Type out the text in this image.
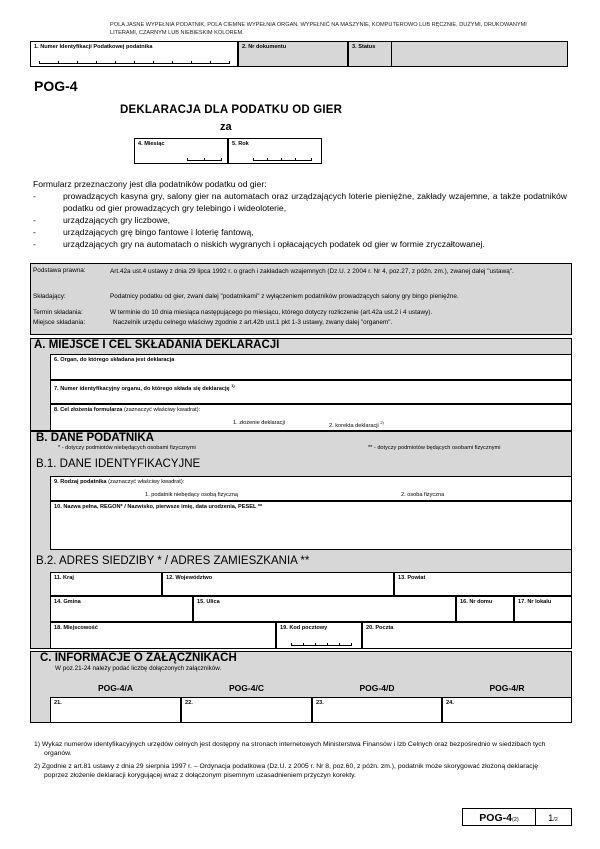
POLA JASNE WYPEŁNIA PODATNIK, POLA CIEMNE WYPEŁNIA ORGAN. WYPEŁNIĆ NA MASZYNIE, KOMPUTEROWO LUB RĘCZNIE, DUŻYMI, DRUKOWANYMI LITERAMI, CZARNYM LUB NIEBIESKIM KOLOREM.
1. Numer Identyfikacji Podatkowej podatnika	2. Nr dokumentu	3. Status
POG-4
DEKLARACJA DLA PODATKU OD GIER
za
4. Miesiąc	5. Rok
Formularz przeznaczony jest dla podatników podatku od gier:
-	prowadzących kasyna gry, salony gier na automatach oraz urządzających loterie pieniężne, zakłady wzajemne, a także podatników podatku od gier prowadzących gry telebingo i wideoloterie,
-	urządzających gry liczbowe,
-	urządzających grę bingo fantowe i loterię fantową,
-	urządzających gry na automatach o niskich wygranych i opłacających podatek od gier w formie zryczałtowanej.
Podstawa prawna:	Art.42a ust.4 ustawy z dnia 29 lipca 1992 r. o grach i zakładach wzajemnych (Dz.U. z 2004 r. Nr 4, poz.27, z późn. zm.), zwanej dalej "ustawą".
Składający:	Podatnicy podatku od gier, zwani dalej "podatnikami" z wyłączeniem podatników prowadzących salony gry bingo pieniężne.
Termin składania:	W terminie do 10 dnia miesiąca następującego po miesiącu, którego dotyczy rozliczenie (art.42a ust.2 i 4 ustawy).
Miejsce składania:	Naczelnik urzędu celnego właściwy zgodnie z art.42b ust.1 pkt 1-3 ustawy, zwany dalej "organem".
A. MIEJSCE I CEL SKŁADANIA DEKLARACJI
6. Organ, do którego składana jest deklaracja
7. Numer identyfikacyjny organu, do którego składa się deklarację $^{1)}$
8. Cel złożenia formularza (zaznaczyć właściwy kwadrat):
1. złożenie deklaracji	2. korekta deklaracji $^{2)}$
B. DANE PODATNIKA
* - dotyczy podmiotów niebędących osobami fizycznymi	** - dotyczy podmiotów będących osobami fizycznymi
B.1. DANE IDENTYFIKACYJNE
9. Rodzaj podatnika (zaznaczyć właściwy kwadrat):
1. podatnik niebędący osobą fizyczną	2. osoba fizyczna
10. Nazwa pełna, REGON* / Nazwisko, pierwsze imię, data urodzenia, PESEL **
B.2. ADRES SIEDZIBY * / ADRES ZAMIESZKANIA **
11. Kraj	12. Województwo	13. Powiat
14. Gmina	15. Ulica	16. Nr domu	17. Nr lokalu
18. Miejscowość	19. Kod pocztowy	20. Poczta
C. INFORMACJE O ZAŁĄCZNIKACH
W poz.21-24 należy podać liczbę dołączonych załączników.
POG-4/A	POG-4/C	POG-4/D	POG-4/R
21.	22.	23.	24.
1) Wykaz numerów identyfikacyjnych urzędów celnych jest dostępny na stronach internetowych Ministerstwa Finansów i Izb Celnych oraz bezpośrednio w siedzibach tych organów.
2) Zgodnie z art.81 ustawy z dnia 29 sierpnia 1997 r. – Ordynacja podatkowa (Dz.U. z 2005 r. Nr 8, poz.60, z późn. zm.), podatnik może skorygować złożoną deklarację poprzez złożenie deklaracji korygującej wraz z dołączonym pisemnym uzasadnieniem przyczyn korekty.
POG-4(2)	1/2
